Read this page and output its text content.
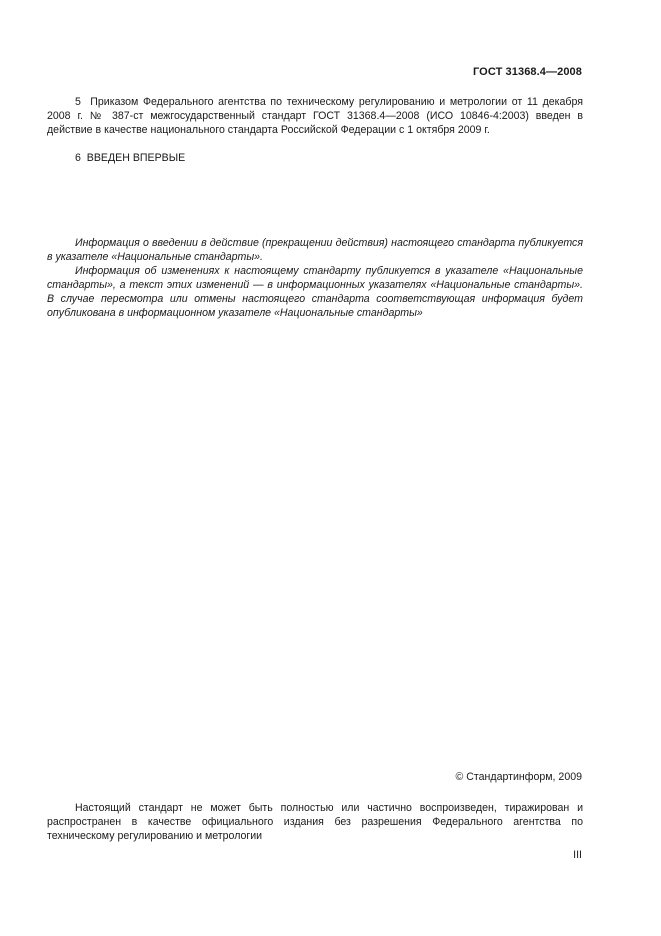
ГОСТ 31368.4—2008
5 Приказом Федерального агентства по техническому регулированию и метрологии от 11 декабря 2008 г. № 387-ст межгосударственный стандарт ГОСТ 31368.4—2008 (ИСО 10846-4:2003) введен в действие в качестве национального стандарта Российской Федерации с 1 октября 2009 г.
6 ВВЕДЕН ВПЕРВЫЕ

Информация о введении в действие (прекращении действия) настоящего стандарта публикуется в указателе «Национальные стандарты».

Информация об изменениях к настоящему стандарту публикуется в указателе «Национальные стандарты», а текст этих изменений — в информационных указателях «Национальные стандарты». В случае пересмотра или отмены настоящего стандарта соответствующая информация будет опубликована в информационном указателе «Национальные стандарты»

© Стандартинформ, 2009
Настоящий стандарт не может быть полностью или частично воспроизведен, тиражирован и распространен в качестве официального издания без разрешения Федерального агентства по техническому регулированию и метрологии
III
